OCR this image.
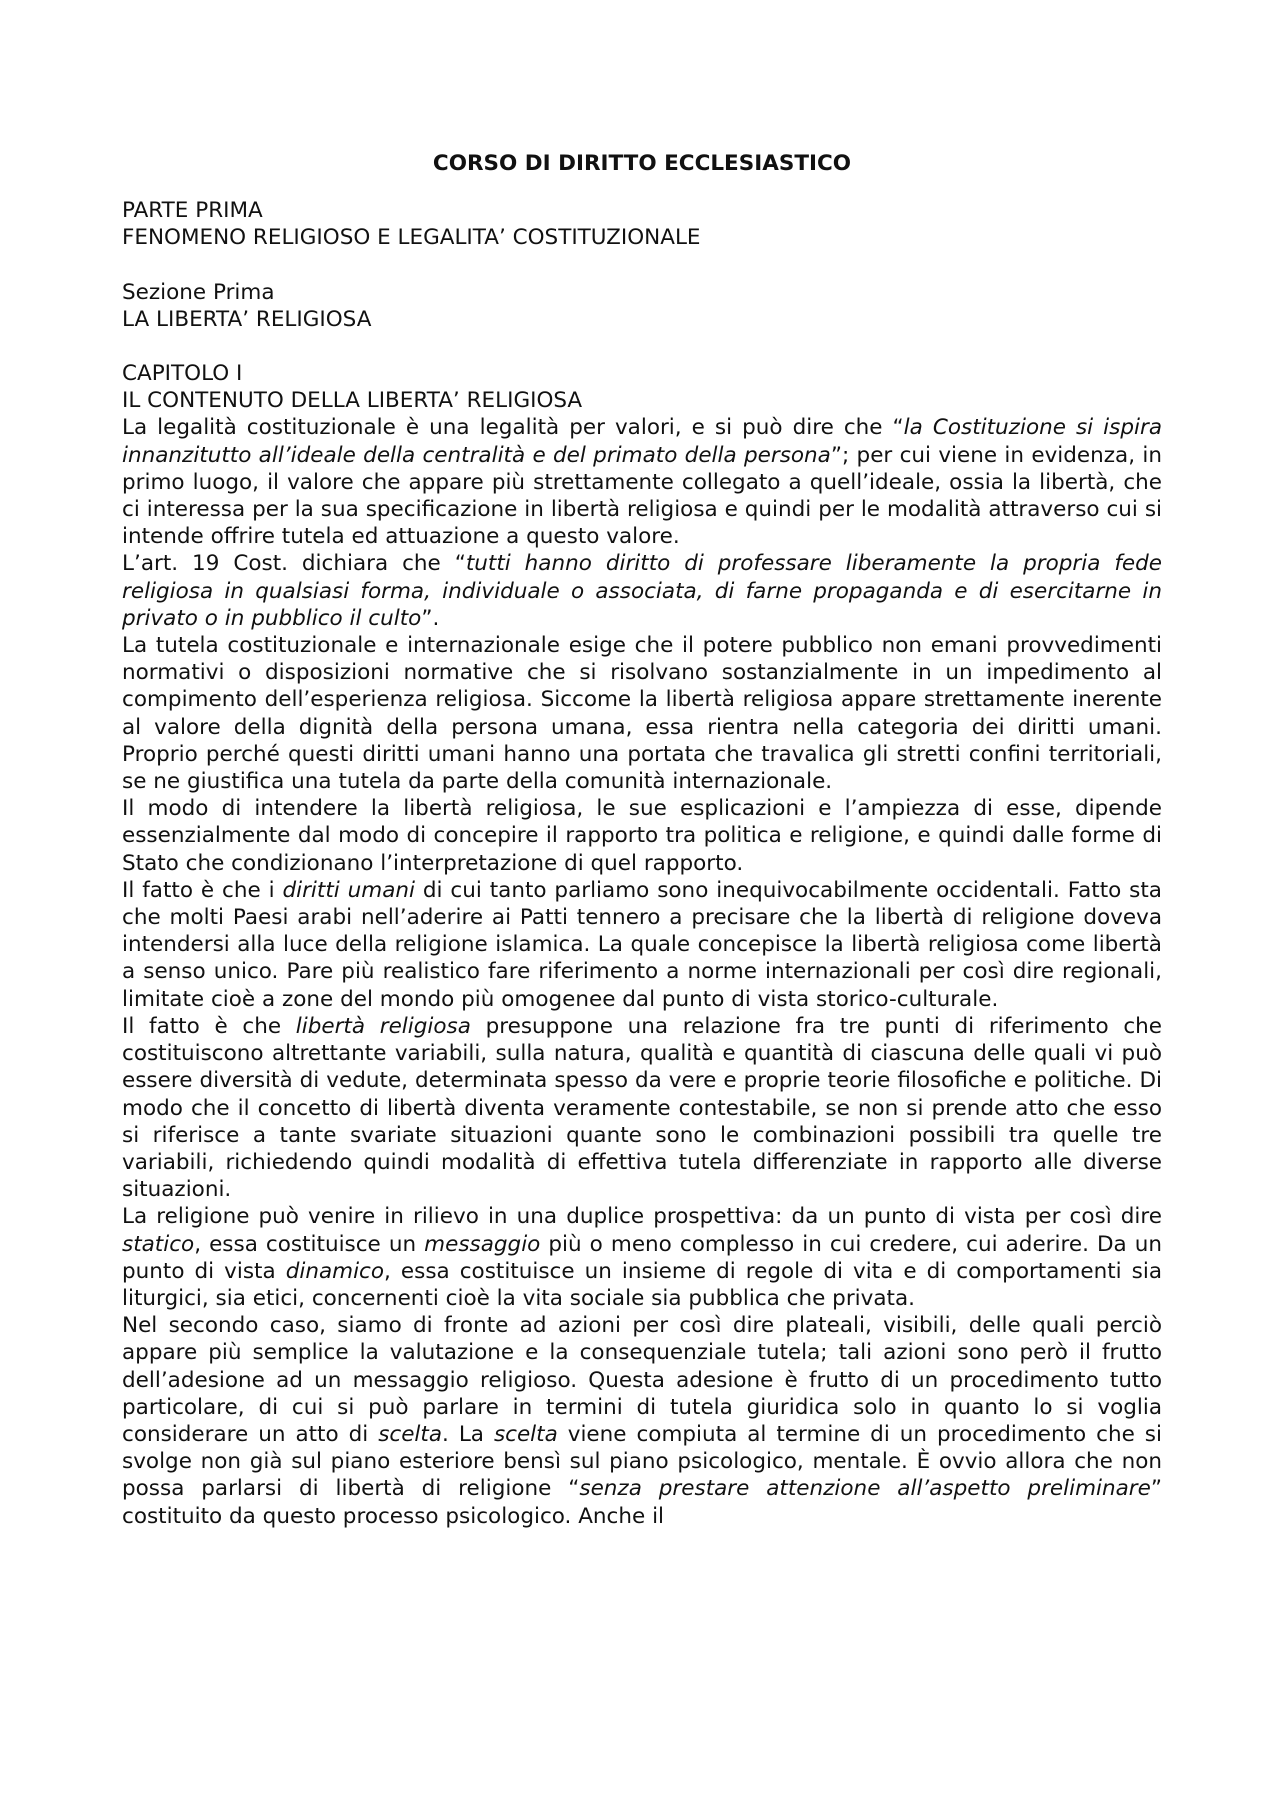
CORSO DI DIRITTO ECCLESIASTICO
PARTE PRIMA
FENOMENO RELIGIOSO E LEGALITA’ COSTITUZIONALE
Sezione Prima
LA LIBERTA’ RELIGIOSA
CAPITOLO I
IL CONTENUTO DELLA LIBERTA’ RELIGIOSA

La legalità costituzionale è una legalità per valori, e si può dire che “la Costituzione si ispira innanzitutto all’ideale della centralità e del primato della persona”; per cui viene in evidenza, in primo luogo, il valore che appare più strettamente collegato a quell’ideale, ossia la libertà, che ci interessa per la sua specificazione in libertà religiosa e quindi per le modalità attraverso cui si intende offrire tutela ed attuazione a questo valore.

L’art. 19 Cost. dichiara che “tutti hanno diritto di professare liberamente la propria fede religiosa in qualsiasi forma, individuale o associata, di farne propaganda e di esercitarne in privato o in pubblico il culto”.

La tutela costituzionale e internazionale esige che il potere pubblico non emani provvedimenti normativi o disposizioni normative che si risolvano sostanzialmente in un impedimento al compimento dell’esperienza religiosa. Siccome la libertà religiosa appare strettamente inerente al valore della dignità della persona umana, essa rientra nella categoria dei diritti umani. Proprio perché questi diritti umani hanno una portata che travalica gli stretti confini territoriali, se ne giustifica una tutela da parte della comunità internazionale.

Il modo di intendere la libertà religiosa, le sue esplicazioni e l’ampiezza di esse, dipende essenzialmente dal modo di concepire il rapporto tra politica e religione, e quindi dalle forme di Stato che condizionano l’interpretazione di quel rapporto.

Il fatto è che i diritti umani di cui tanto parliamo sono inequivocabilmente occidentali. Fatto sta che molti Paesi arabi nell’aderire ai Patti tennero a precisare che la libertà di religione doveva intendersi alla luce della religione islamica. La quale concepisce la libertà religiosa come libertà a senso unico. Pare più realistico fare riferimento a norme internazionali per così dire regionali, limitate cioè a zone del mondo più omogenee dal punto di vista storico-culturale.

Il fatto è che libertà religiosa presuppone una relazione fra tre punti di riferimento che costituiscono altrettante variabili, sulla natura, qualità e quantità di ciascuna delle quali vi può essere diversità di vedute, determinata spesso da vere e proprie teorie filosofiche e politiche. Di modo che il concetto di libertà diventa veramente contestabile, se non si prende atto che esso si riferisce a tante svariate situazioni quante sono le combinazioni possibili tra quelle tre variabili, richiedendo quindi modalità di effettiva tutela differenziate in rapporto alle diverse situazioni.

La religione può venire in rilievo in una duplice prospettiva: da un punto di vista per così dire statico, essa costituisce un messaggio più o meno complesso in cui credere, cui aderire. Da un punto di vista dinamico, essa costituisce un insieme di regole di vita e di comportamenti sia liturgici, sia etici, concernenti cioè la vita sociale sia pubblica che privata.

Nel secondo caso, siamo di fronte ad azioni per così dire plateali, visibili, delle quali perciò appare più semplice la valutazione e la consequenziale tutela; tali azioni sono però il frutto dell’adesione ad un messaggio religioso. Questa adesione è frutto di un procedimento tutto particolare, di cui si può parlare in termini di tutela giuridica solo in quanto lo si voglia considerare un atto di scelta. La scelta viene compiuta al termine di un procedimento che si svolge non già sul piano esteriore bensì sul piano psicologico, mentale. È ovvio allora che non possa parlarsi di libertà di religione “senza prestare attenzione all’aspetto preliminare” costituito da questo processo psicologico. Anche il
